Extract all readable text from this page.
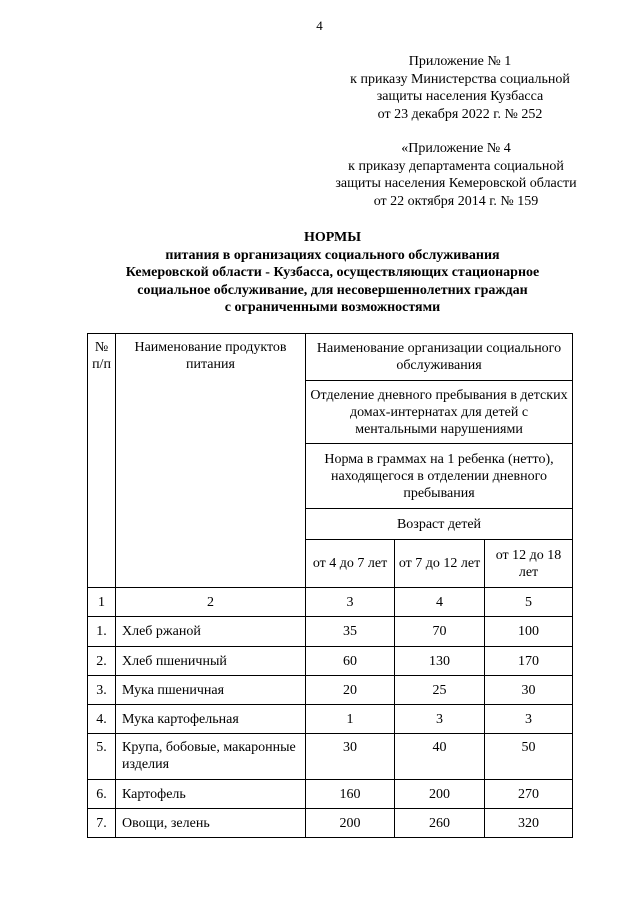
4
Приложение № 1
к приказу Министерства социальной
защиты населения Кузбасса
от 23 декабря 2022 г. № 252
«Приложение № 4
к приказу департамента социальной
защиты населения Кемеровской области
от 22 октября 2014 г. № 159
НОРМЫ
питания в организациях социального обслуживания
Кемеровской области - Кузбасса, осуществляющих стационарное
социальное обслуживание, для несовершеннолетних граждан
с ограниченными возможностями
№ п/п	Наименование продуктов питания	Наименование организации социального обслуживания		
		Отделение дневного пребывания в детских домах-интернатах для детей с ментальными нарушениями		
		Норма в граммах на 1 ребенка (нетто), находящегося в отделении дневного пребывания		
		Возраст детей		
		от 4 до 7 лет	от 7 до 12 лет	от 12 до 18 лет
1	2	3	4	5
1.	Хлеб ржаной	35	70	100
2.	Хлеб пшеничный	60	130	170
3.	Мука пшеничная	20	25	30
4.	Мука картофельная	1	3	3
5.	Крупа, бобовые, макаронные изделия	30	40	50
6.	Картофель	160	200	270
7.	Овощи, зелень	200	260	320
